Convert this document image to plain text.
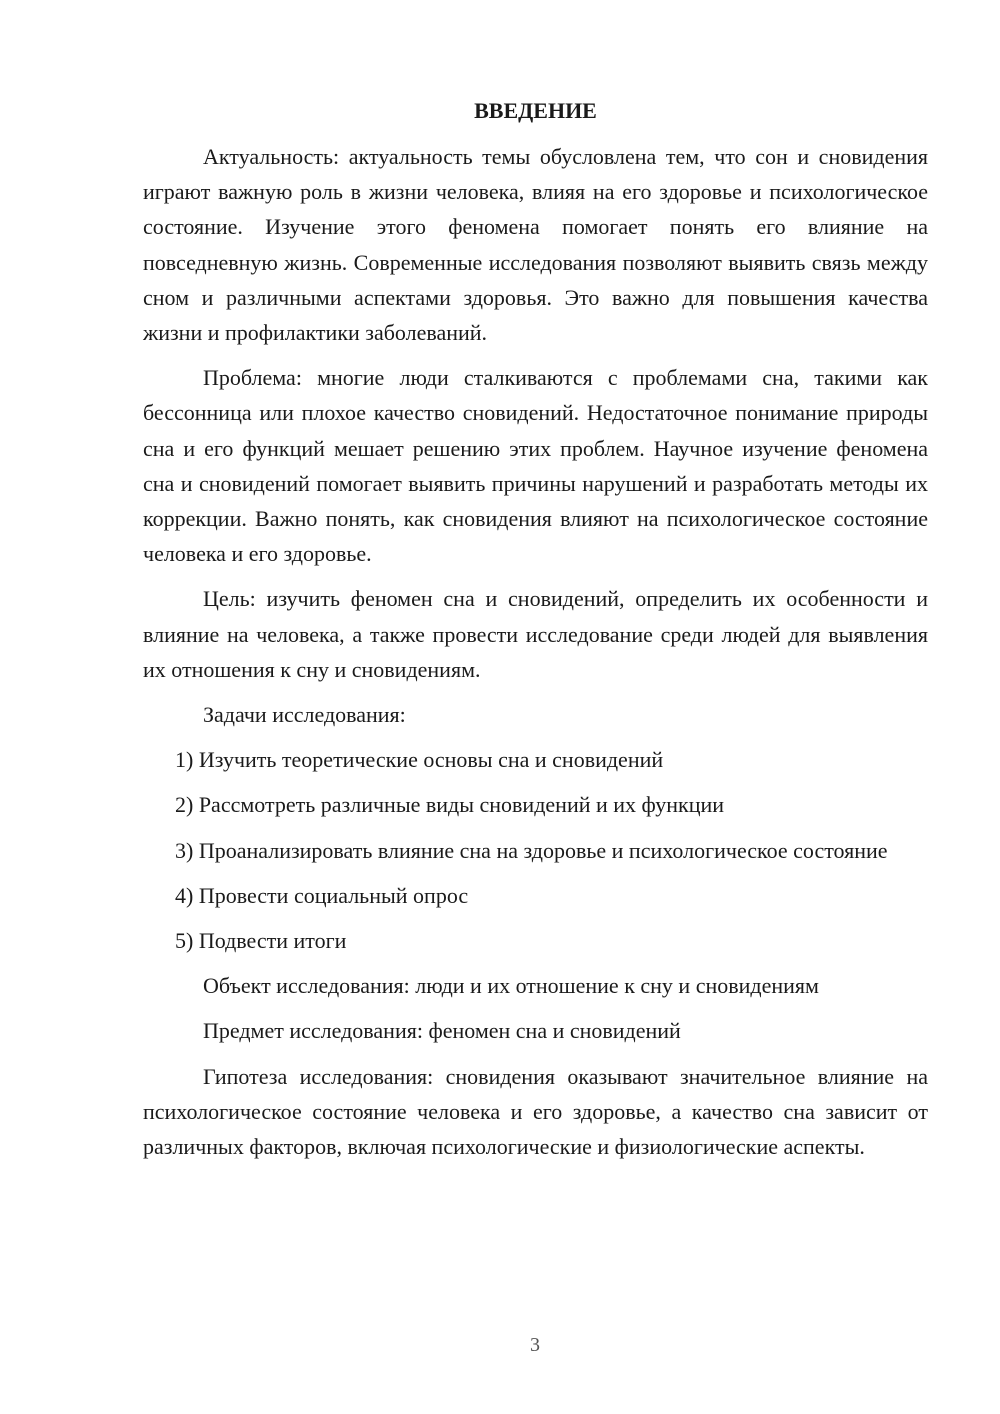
ВВЕДЕНИЕ

Актуальность: актуальность темы обусловлена тем, что сон и сновидения играют важную роль в жизни человека, влияя на его здоровье и психологическое состояние. Изучение этого феномена помогает понять его влияние на повседневную жизнь. Современные исследования позволяют выявить связь между сном и различными аспектами здоровья. Это важно для повышения качества жизни и профилактики заболеваний.

Проблема: многие люди сталкиваются с проблемами сна, такими как бессонница или плохое качество сновидений. Недостаточное понимание природы сна и его функций мешает решению этих проблем. Научное изучение феномена сна и сновидений помогает выявить причины нарушений и разработать методы их коррекции. Важно понять, как сновидения влияют на психологическое состояние человека и его здоровье.

Цель: изучить феномен сна и сновидений, определить их особенности и влияние на человека, а также провести исследование среди людей для выявления их отношения к сну и сновидениям.

Задачи исследования:

1) Изучить теоретические основы сна и сновидений

2) Рассмотреть различные виды сновидений и их функции

3) Проанализировать влияние сна на здоровье и психологическое состояние

4) Провести социальный опрос

5) Подвести итоги

Объект исследования: люди и их отношение к сну и сновидениям

Предмет исследования: феномен сна и сновидений

Гипотеза исследования: сновидения оказывают значительное влияние на психологическое состояние человека и его здоровье, а качество сна зависит от различных факторов, включая психологические и физиологические аспекты.

3
